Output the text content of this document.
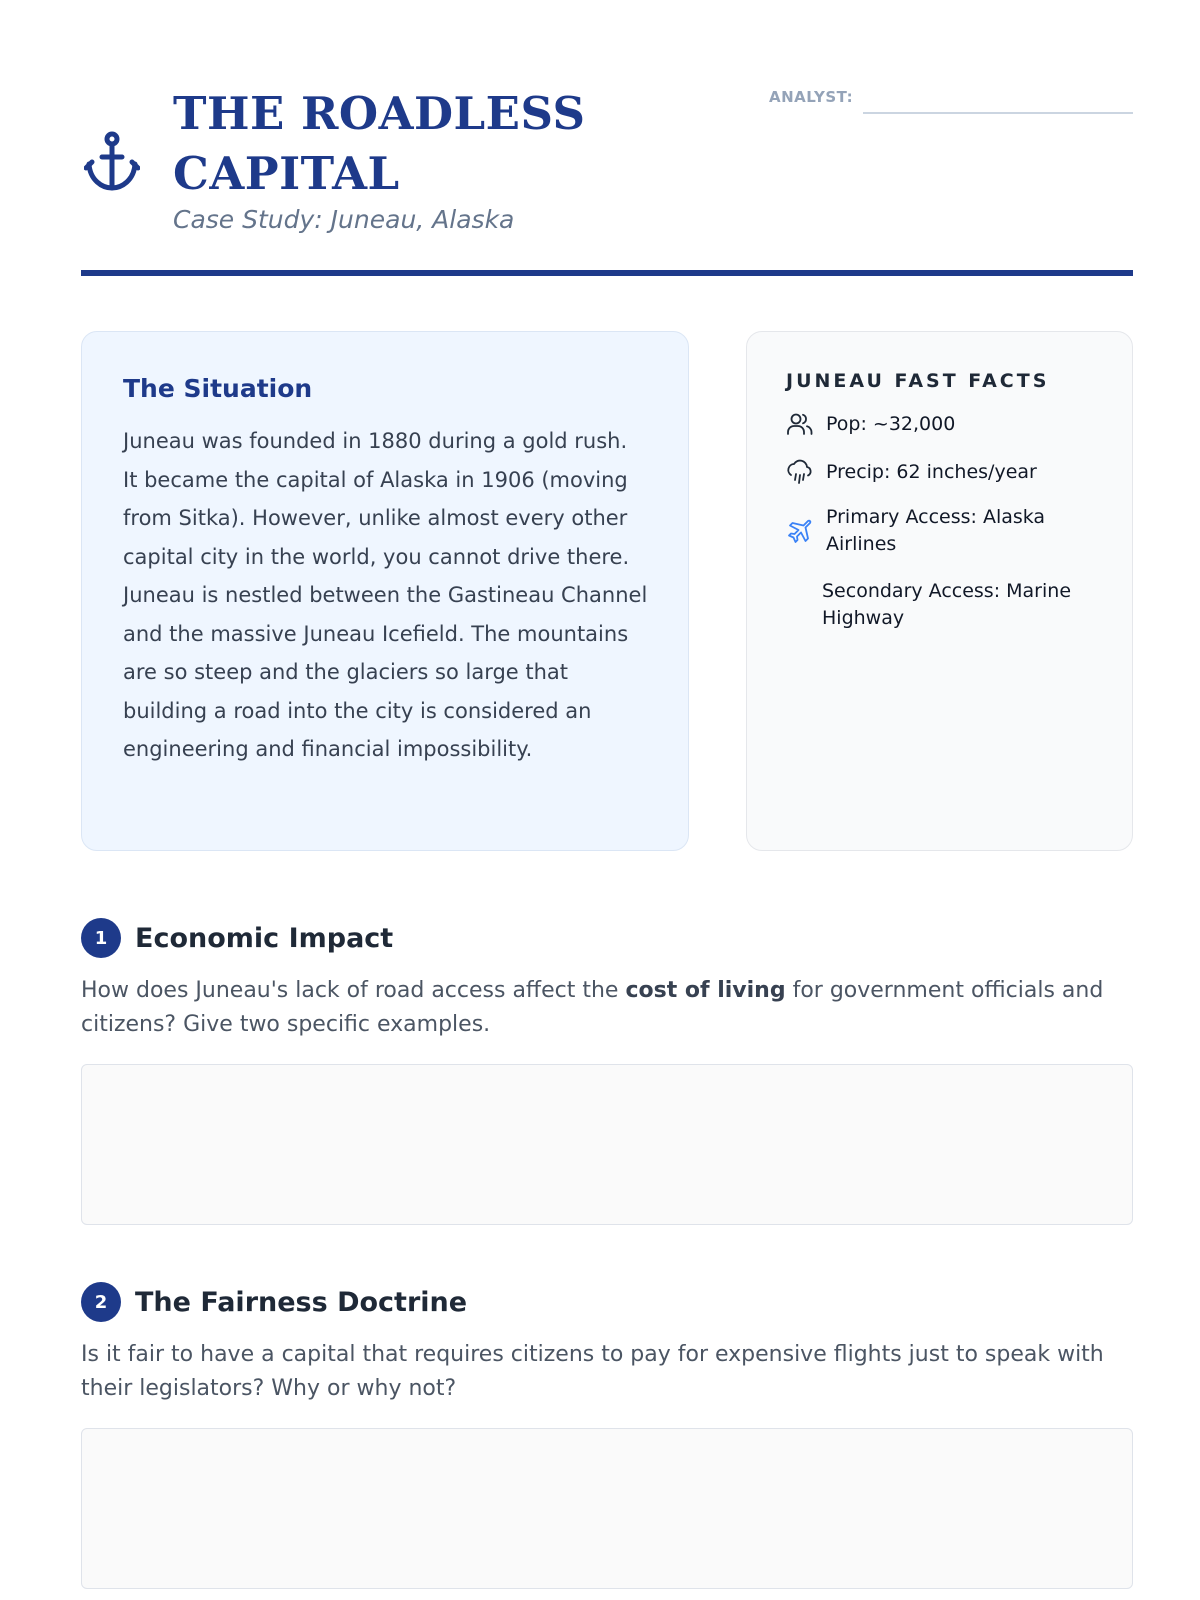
THE ROADLESS
CAPITAL
Case Study: Juneau, Alaska
ANALYST:
The Situation

Juneau was founded in 1880 during a gold rush. It became the capital of Alaska in 1906 (moving from Sitka). However, unlike almost every other capital city in the world, you cannot drive there. Juneau is nestled between the Gastineau Channel and the massive Juneau Icefield. The mountains are so steep and the glaciers so large that building a road into the city is considered an engineering and financial impossibility.

JUNEAU FAST FACTS
Pop: ~32,000
Precip: 62 inches/year
Primary Access: Alaska Airlines
Secondary Access: Marine Highway
1	Economic Impact

How does Juneau's lack of road access affect the cost of living for government officials and citizens? Give two specific examples.

2	The Fairness Doctrine

Is it fair to have a capital that requires citizens to pay for expensive flights just to speak with their legislators? Why or why not?
